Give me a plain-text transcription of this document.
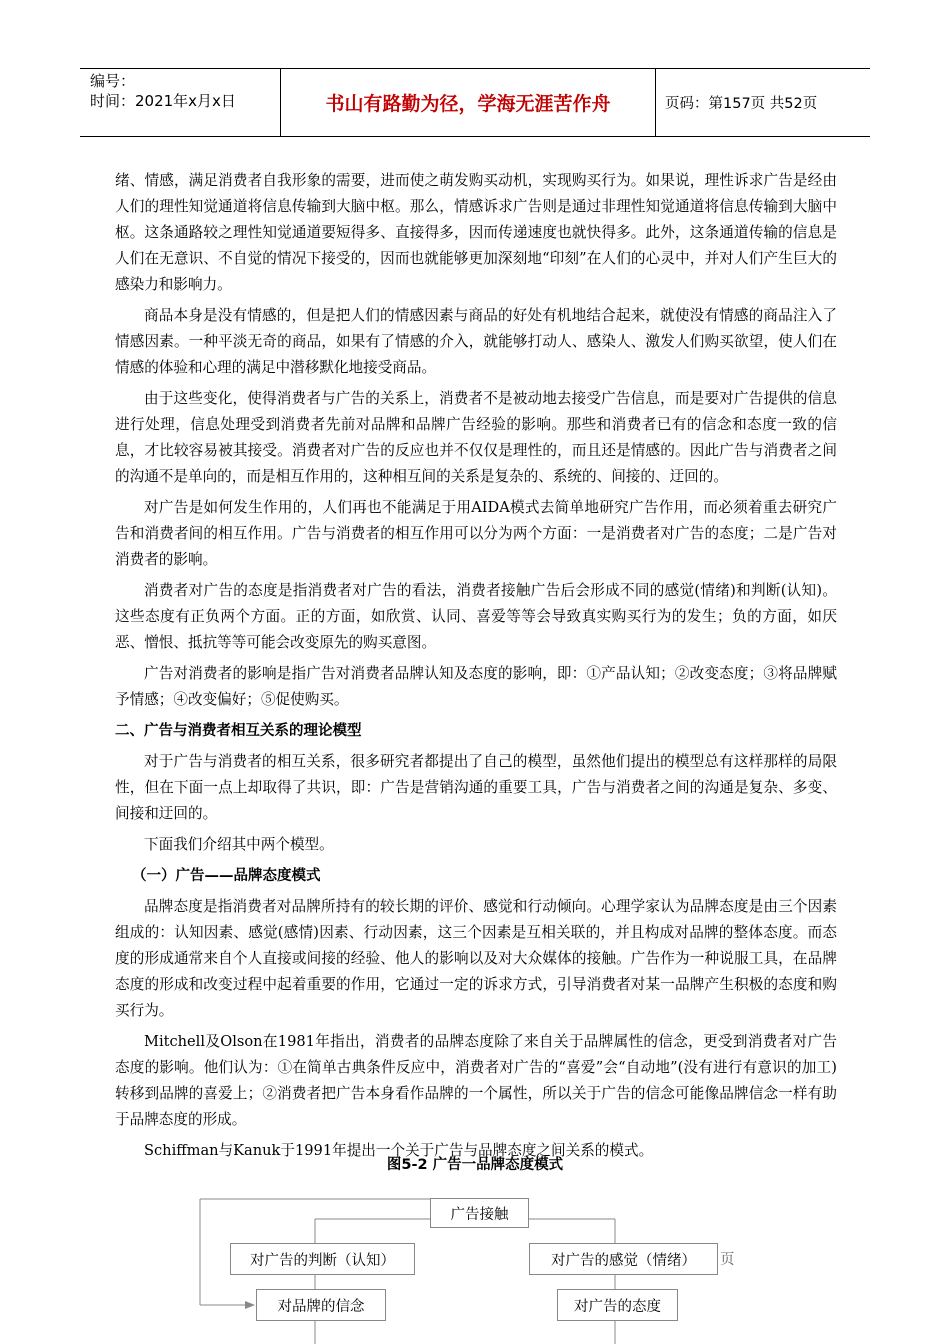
编号：
时间：2021年x月x日	书山有路勤为径，学海无涯苦作舟	页码：第157页 共52页

绪、情感，满足消费者自我形象的需要，进而使之萌发购买动机，实现购买行为。如果说，理性诉求广告是经由人们的理性知觉通道将信息传输到大脑中枢。那么，情感诉求广告则是通过非理性知觉通道将信息传输到大脑中枢。这条通路较之理性知觉通道要短得多、直接得多，因而传递速度也就快得多。此外，这条通道传输的信息是人们在无意识、不自觉的情况下接受的，因而也就能够更加深刻地“印刻”在人们的心灵中，并对人们产生巨大的感染力和影响力。

商品本身是没有情感的，但是把人们的情感因素与商品的好处有机地结合起来，就使没有情感的商品注入了情感因素。一种平淡无奇的商品，如果有了情感的介入，就能够打动人、感染人、激发人们购买欲望，使人们在情感的体验和心理的满足中潜移默化地接受商品。

由于这些变化，使得消费者与广告的关系上，消费者不是被动地去接受广告信息，而是要对广告提供的信息进行处理，信息处理受到消费者先前对品牌和品牌广告经验的影响。那些和消费者已有的信念和态度一致的信息，才比较容易被其接受。消费者对广告的反应也并不仅仅是理性的，而且还是情感的。因此广告与消费者之间的沟通不是单向的，而是相互作用的，这种相互间的关系是复杂的、系统的、间接的、迂回的。

对广告是如何发生作用的，人们再也不能满足于用AIDA模式去简单地研究广告作用，而必须着重去研究广告和消费者间的相互作用。广告与消费者的相互作用可以分为两个方面：一是消费者对广告的态度；二是广告对消费者的影响。

消费者对广告的态度是指消费者对广告的看法，消费者接触广告后会形成不同的感觉(情绪)和判断(认知)。这些态度有正负两个方面。正的方面，如欣赏、认同、喜爱等等会导致真实购买行为的发生；负的方面，如厌恶、憎恨、抵抗等等可能会改变原先的购买意图。

广告对消费者的影响是指广告对消费者品牌认知及态度的影响，即：①产品认知；②改变态度；③将品牌赋予情感；④改变偏好；⑤促使购买。

二、广告与消费者相互关系的理论模型

对于广告与消费者的相互关系，很多研究者都提出了自己的模型，虽然他们提出的模型总有这样那样的局限性，但在下面一点上却取得了共识，即：广告是营销沟通的重要工具，广告与消费者之间的沟通是复杂、多变、间接和迂回的。

下面我们介绍其中两个模型。

（一）广告——品牌态度模式

品牌态度是指消费者对品牌所持有的较长期的评价、感觉和行动倾向。心理学家认为品牌态度是由三个因素组成的：认知因素、感觉(感情)因素、行动因素，这三个因素是互相关联的，并且构成对品牌的整体态度。而态度的形成通常来自个人直接或间接的经验、他人的影响以及对大众媒体的接触。广告作为一种说服工具，在品牌态度的形成和改变过程中起着重要的作用，它通过一定的诉求方式，引导消费者对某一品牌产生积极的态度和购买行为。

Mitchell及Olson在1981年指出，消费者的品牌态度除了来自关于品牌属性的信念，更受到消费者对广告态度的影响。他们认为：①在简单古典条件反应中，消费者对广告的“喜爱”会“自动地”(没有进行有意识的加工)转移到品牌的喜爱上；②消费者把广告本身看作品牌的一个属性，所以关于广告的信念可能像品牌信念一样有助于品牌态度的形成。

Schiffman与Kanuk于1991年提出一个关于广告与品牌态度之间关系的模式。

图5-2 广告一品牌态度模式
广告接触
对广告的判断（认知）	对广告的感觉（情绪）	页
对品牌的信念	对广告的态度
